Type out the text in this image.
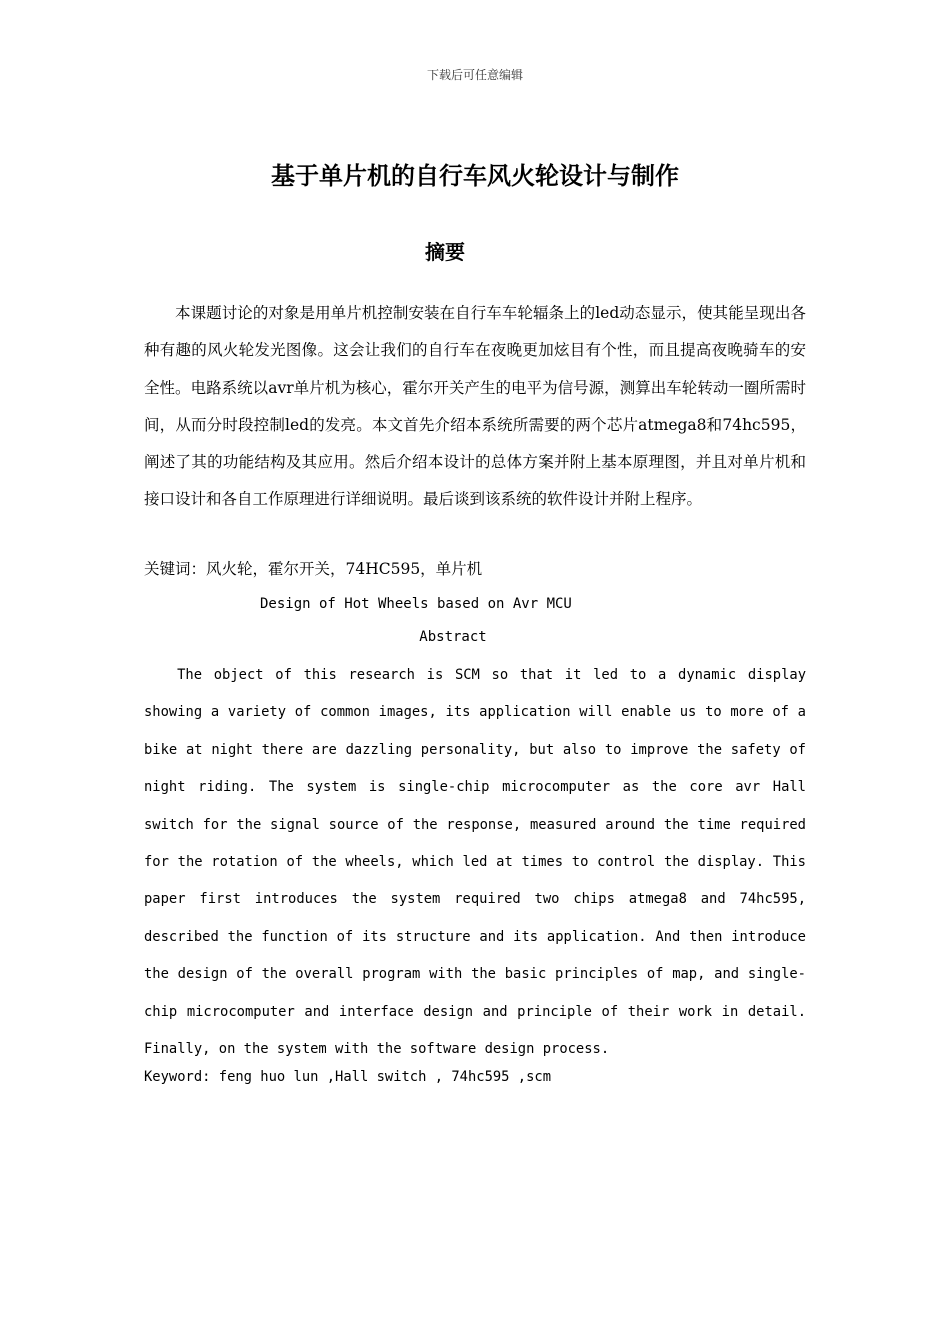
下载后可任意编辑
基于单片机的自行车风火轮设计与制作
摘要

本课题讨论的对象是用单片机控制安装在自行车车轮辐条上的led动态显示，使其能呈现出各种有趣的风火轮发光图像。这会让我们的自行车在夜晚更加炫目有个性，而且提高夜晚骑车的安全性。电路系统以avr单片机为核心，霍尔开关产生的电平为信号源，测算出车轮转动一圈所需时间，从而分时段控制led的发亮。本文首先介绍本系统所需要的两个芯片atmega8和74hc595，阐述了其的功能结构及其应用。然后介绍本设计的总体方案并附上基本原理图，并且对单片机和接口设计和各自工作原理进行详细说明。最后谈到该系统的软件设计并附上程序。

关键词：风火轮，霍尔开关，74HC595，单片机

Design of Hot Wheels based on Avr MCU
Abstract

The object of this research is SCM so that it led to a dynamic display showing a variety of common images, its application will enable us to more of a bike at night there are dazzling personality, but also to improve the safety of night riding. The system is single-chip microcomputer as the core avr Hall switch for the signal source of the response, measured around the time required for the rotation of the wheels, which led at times to control the display. This paper first introduces the system required two chips atmega8 and 74hc595, described the function of its structure and its application. And then introduce the design of the overall program with the basic principles of map, and single-chip microcomputer and interface design and principle of their work in detail. Finally, on the system with the software design process.

Keyword: feng huo lun ,Hall switch , 74hc595 ,scm
